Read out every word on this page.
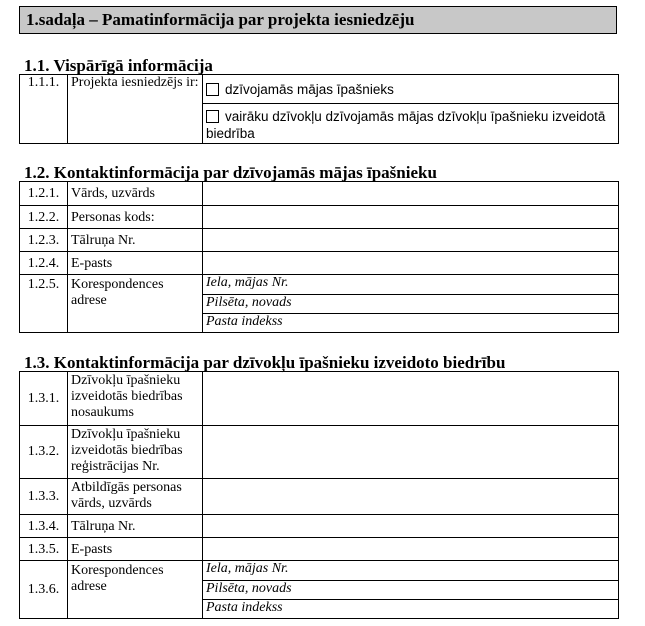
1.sadaļa – Pamatinformācija par projekta iesniedzēju
1.1. Vispārīgā informācija
1.1.1.	Projekta iesniedzējs ir:	dzīvojamās mājas īpašnieks
vairāku dzīvokļu dzīvojamās mājas dzīvokļu īpašnieku izveidotā biedrība
1.2. Kontaktinformācija par dzīvojamās mājas īpašnieku
1.2.1.	Vārds, uzvārds	
1.2.2.	Personas kods:	
1.2.3.	Tālruņa Nr.	
1.2.4.	E-pasts	
1.2.5.	Korespondences adrese	
Iela, mājas Nr.
Pilsēta, novads
Pasta indekss
1.3. Kontaktinformācija par dzīvokļu īpašnieku izveidoto biedrību
1.3.1.	Dzīvokļu īpašnieku izveidotās biedrības nosaukums	
1.3.2.	Dzīvokļu īpašnieku izveidotās biedrības reģistrācijas Nr.	
1.3.3.	Atbildīgās personas vārds, uzvārds	
1.3.4.	Tālruņa Nr.	
1.3.5.	E-pasts	
1.3.6.	Korespondences adrese	
Iela, mājas Nr.
Pilsēta, novads
Pasta indekss
